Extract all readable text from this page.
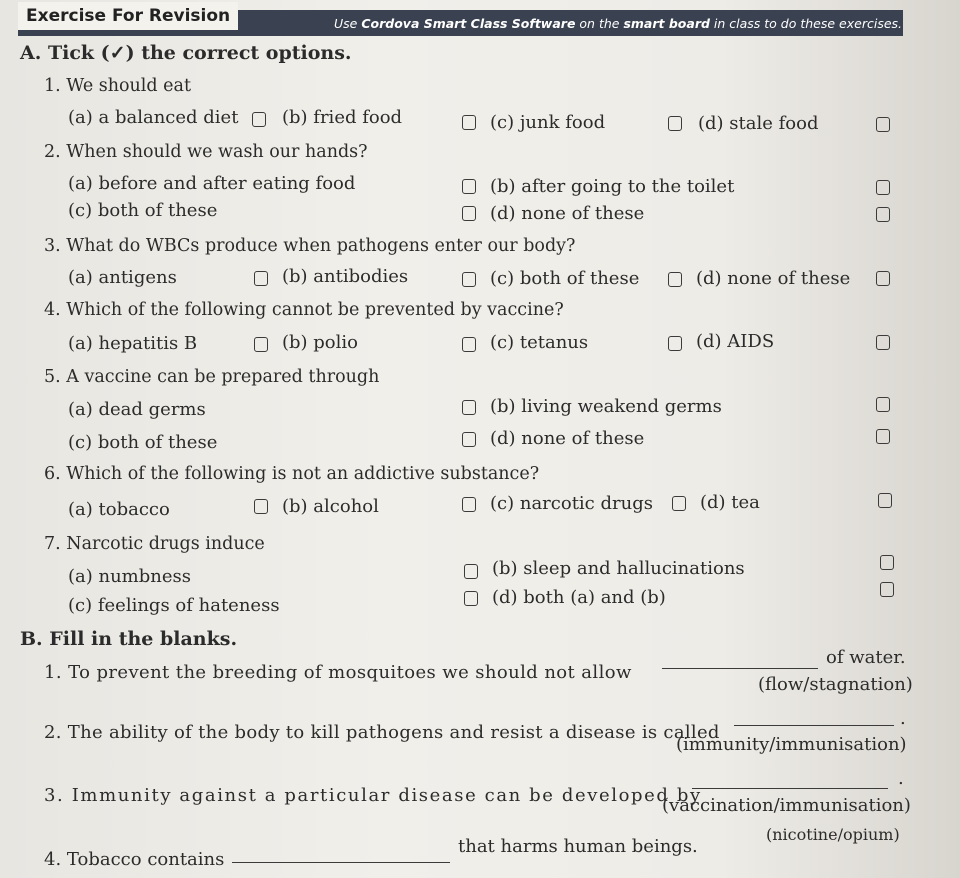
Exercise For Revision	Use Cordova Smart Class Software on the smart board in class to do these exercises.
A. Tick (✓) the correct options.
1. We should eat
(a) a balanced diet (b) fried food	(c) junk food	(d) stale food
2. When should we wash our hands?
(a) before and after eating food	(b) after going to the toilet
(c) both of these	(d) none of these
3. What do WBCs produce when pathogens enter our body?
(a) antigens	(b) antibodies	(c) both of these	(d) none of these
4. Which of the following cannot be prevented by vaccine?
(a) hepatitis B	(b) polio	(c) tetanus	(d) AIDS
5. A vaccine can be prepared through
(a) dead germs	(b) living weakend germs
(c) both of these	(d) none of these
6. Which of the following is not an addictive substance?
(a) tobacco	(b) alcohol	(c) narcotic drugs	(d) tea
7. Narcotic drugs induce
(a) numbness	(b) sleep and hallucinations
(c) feelings of hateness	(d) both (a) and (b)
B. Fill in the blanks.
1. To prevent the breeding of mosquitoes we should not allow
of water.
(flow/stagnation)
2. The ability of the body to kill pathogens and resist a disease is called
.
(immunity/immunisation)
3. Immunity against a particular disease can be developed by
.
(vaccination/immunisation)
4. Tobacco contains
that harms human beings.
(nicotine/opium)
